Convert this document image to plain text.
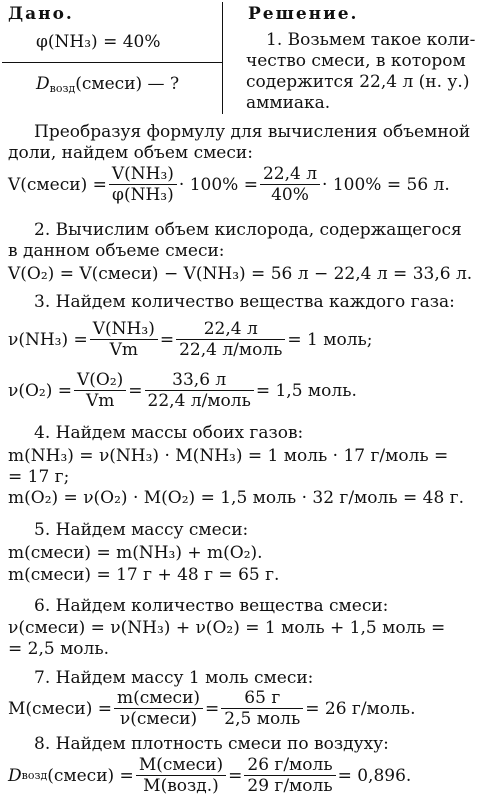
Дано.
φ(NH₃) = 40%
$D_{возд}(смеси)$ — ?
Решение.
1. Возьмем такое коли-
чество смеси, в котором
содержится 22,4 л (н. у.)
аммиака.
Преобразуя формулу для вычисления объемной
доли, найдем объем смеси:
V(смеси) = $\frac{\text{V(NH₃)}}{\text{φ(NH₃)}} \cdot 100\% = \frac{22,4 л}{40\%} \cdot 100\% = 56$ л.
2. Вычислим объем кислорода, содержащегося
в данном объеме смеси:
V(O₂) = V(смеси) − V(NH₃) = 56 л − 22,4 л = 33,6 л.
3. Найдем количество вещества каждого газа:
$\nu(NH_3) = \frac{\text{V(NH₃)}}{Vm} = \frac{22,4 л}{\text{22,4 л/моль}} = 1$ моль;
$\nu(O_2) = \frac{\text{V(O₂)}}{Vm} = \frac{33,6 л}{\text{22,4 л/моль}} = 1,5$ моль.
4. Найдем массы обоих газов:
m(NH₃) = ν(NH₃) · M(NH₃) = 1 моль · 17 г/моль =
= 17 г;
m(O₂) = ν(O₂) · M(O₂) = 1,5 моль · 32 г/моль = 48 г.
5. Найдем массу смеси:
m(смеси) = m(NH₃) + m(O₂).
m(смеси) = 17 г + 48 г = 65 г.
6. Найдем количество вещества смеси:
ν(смеси) = ν(NH₃) + ν(O₂) = 1 моль + 1,5 моль =
= 2,5 моль.
7. Найдем массу 1 моль смеси:
M(смеси) = $\frac{\text{m(смеси)}}{\text{ν(смеси)}} = \frac{65 г}{\text{2,5 моль}} = 26$ г/моль.
8. Найдем плотность смеси по воздуху:
D возд (смеси) = $\frac{\text{M(смеси)}}{\text{M(возд.)}} = \frac{\text{26 г/моль}}{\text{29 г/моль}} = 0,896$.
